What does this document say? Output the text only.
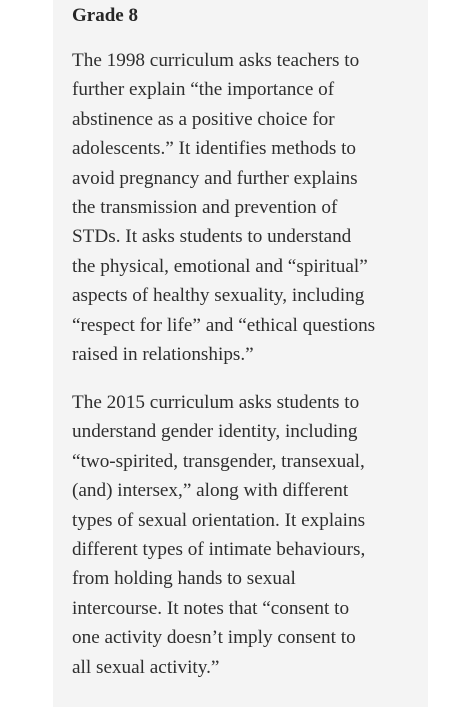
Grade 8

The 1998 curriculum asks teachers to
further explain “the importance of
abstinence as a positive choice for
adolescents.” It identifies methods to
avoid pregnancy and further explains
the transmission and prevention of
STDs. It asks students to understand
the physical, emotional and “spiritual”
aspects of healthy sexuality, including
“respect for life” and “ethical questions
raised in relationships.”

The 2015 curriculum asks students to
understand gender identity, including
“two-spirited, transgender, transexual,
(and) intersex,” along with different
types of sexual orientation. It explains
different types of intimate behaviours,
from holding hands to sexual
intercourse. It notes that “consent to
one activity doesn’t imply consent to
all sexual activity.”
